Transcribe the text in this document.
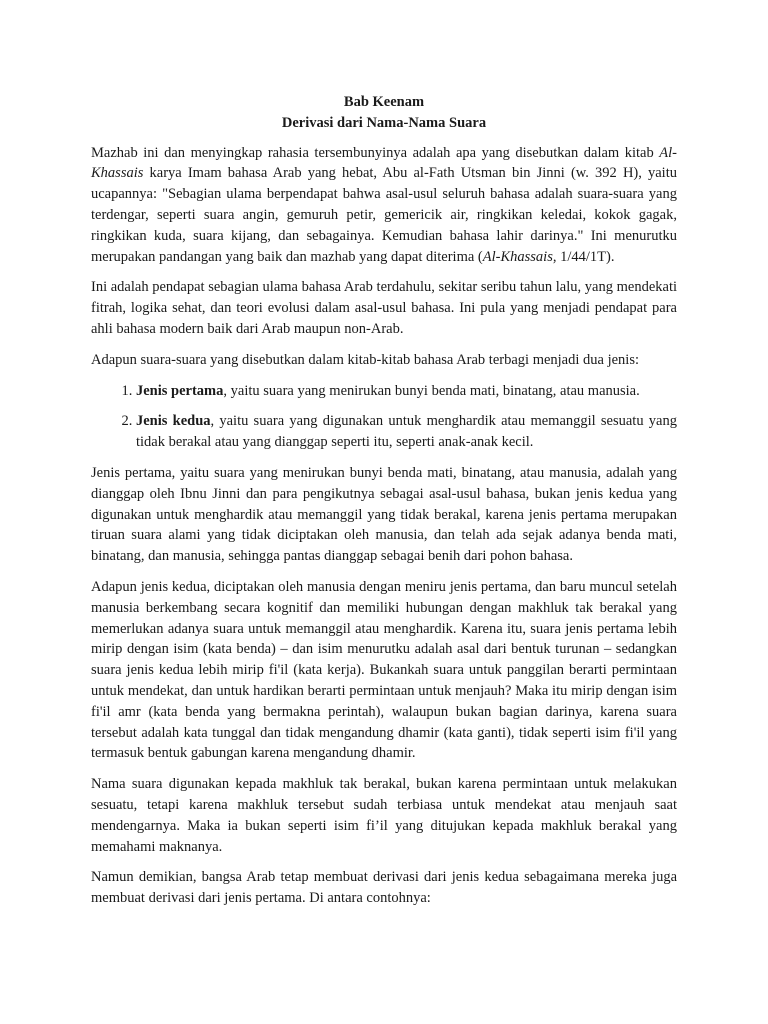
Bab Keenam

Derivasi dari Nama-Nama Suara

Mazhab ini dan menyingkap rahasia tersembunyinya adalah apa yang disebutkan dalam kitab Al-Khassais karya Imam bahasa Arab yang hebat, Abu al-Fath Utsman bin Jinni (w. 392 H), yaitu ucapannya: "Sebagian ulama berpendapat bahwa asal-usul seluruh bahasa adalah suara-suara yang terdengar, seperti suara angin, gemuruh petir, gemericik air, ringkikan keledai, kokok gagak, ringkikan kuda, suara kijang, dan sebagainya. Kemudian bahasa lahir darinya." Ini menurutku merupakan pandangan yang baik dan mazhab yang dapat diterima (Al-Khassais, 1/44/1T).

Ini adalah pendapat sebagian ulama bahasa Arab terdahulu, sekitar seribu tahun lalu, yang mendekati fitrah, logika sehat, dan teori evolusi dalam asal-usul bahasa. Ini pula yang menjadi pendapat para ahli bahasa modern baik dari Arab maupun non-Arab.

Adapun suara-suara yang disebutkan dalam kitab-kitab bahasa Arab terbagi menjadi dua jenis:

1. Jenis pertama, yaitu suara yang menirukan bunyi benda mati, binatang, atau manusia.
2. Jenis kedua, yaitu suara yang digunakan untuk menghardik atau memanggil sesuatu yang tidak berakal atau yang dianggap seperti itu, seperti anak-anak kecil.

Jenis pertama, yaitu suara yang menirukan bunyi benda mati, binatang, atau manusia, adalah yang dianggap oleh Ibnu Jinni dan para pengikutnya sebagai asal-usul bahasa, bukan jenis kedua yang digunakan untuk menghardik atau memanggil yang tidak berakal, karena jenis pertama merupakan tiruan suara alami yang tidak diciptakan oleh manusia, dan telah ada sejak adanya benda mati, binatang, dan manusia, sehingga pantas dianggap sebagai benih dari pohon bahasa.

Adapun jenis kedua, diciptakan oleh manusia dengan meniru jenis pertama, dan baru muncul setelah manusia berkembang secara kognitif dan memiliki hubungan dengan makhluk tak berakal yang memerlukan adanya suara untuk memanggil atau menghardik. Karena itu, suara jenis pertama lebih mirip dengan isim (kata benda) – dan isim menurutku adalah asal dari bentuk turunan – sedangkan suara jenis kedua lebih mirip fi'il (kata kerja). Bukankah suara untuk panggilan berarti permintaan untuk mendekat, dan untuk hardikan berarti permintaan untuk menjauh? Maka itu mirip dengan isim fi'il amr (kata benda yang bermakna perintah), walaupun bukan bagian darinya, karena suara tersebut adalah kata tunggal dan tidak mengandung dhamir (kata ganti), tidak seperti isim fi'il yang termasuk bentuk gabungan karena mengandung dhamir.

Nama suara digunakan kepada makhluk tak berakal, bukan karena permintaan untuk melakukan sesuatu, tetapi karena makhluk tersebut sudah terbiasa untuk mendekat atau menjauh saat mendengarnya. Maka ia bukan seperti isim fi’il yang ditujukan kepada makhluk berakal yang memahami maknanya.

Namun demikian, bangsa Arab tetap membuat derivasi dari jenis kedua sebagaimana mereka juga membuat derivasi dari jenis pertama. Di antara contohnya:
